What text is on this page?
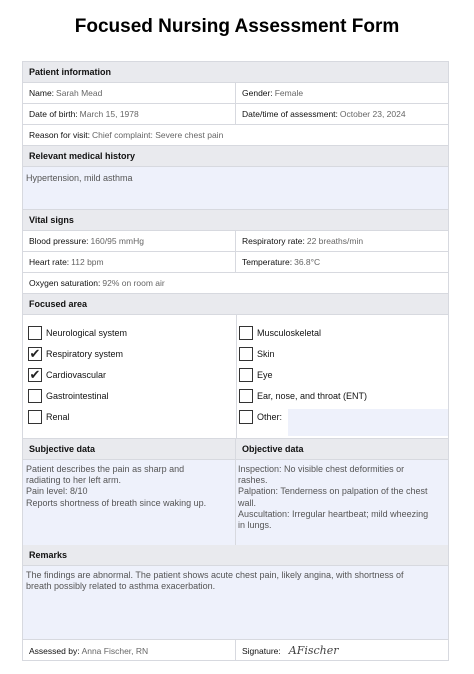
Focused Nursing Assessment Form
Patient information
Name: Sarah Mead	Gender: Female
Date of birth: March 15, 1978	Date/time of assessment: October 23, 2024
Reason for visit: Chief complaint: Severe chest pain
Relevant medical history
Hypertension, mild asthma
Vital signs
Blood pressure: 160/95 mmHg	Respiratory rate: 22 breaths/min
Heart rate: 112 bpm	Temperature: 36.8°C
Oxygen saturation: 92% on room air
Focused area
Neurological system
✔ Respiratory system
✔ Cardiovascular
Gastrointestinal
Renal
Musculoskeletal
Skin
Eye
Ear, nose, and throat (ENT)
Other:
Subjective data	Objective data
Patient describes the pain as sharp and
radiating to her left arm.
Pain level: 8/10
Reports shortness of breath since waking up.
Inspection: No visible chest deformities or
rashes.
Palpation: Tenderness on palpation of the chest
wall.
Auscultation: Irregular heartbeat; mild wheezing
in lungs.
Remarks
The findings are abnormal. The patient shows acute chest pain, likely angina, with shortness of
breath possibly related to asthma exacerbation.
Assessed by: Anna Fischer, RN	Signature: AFischer
